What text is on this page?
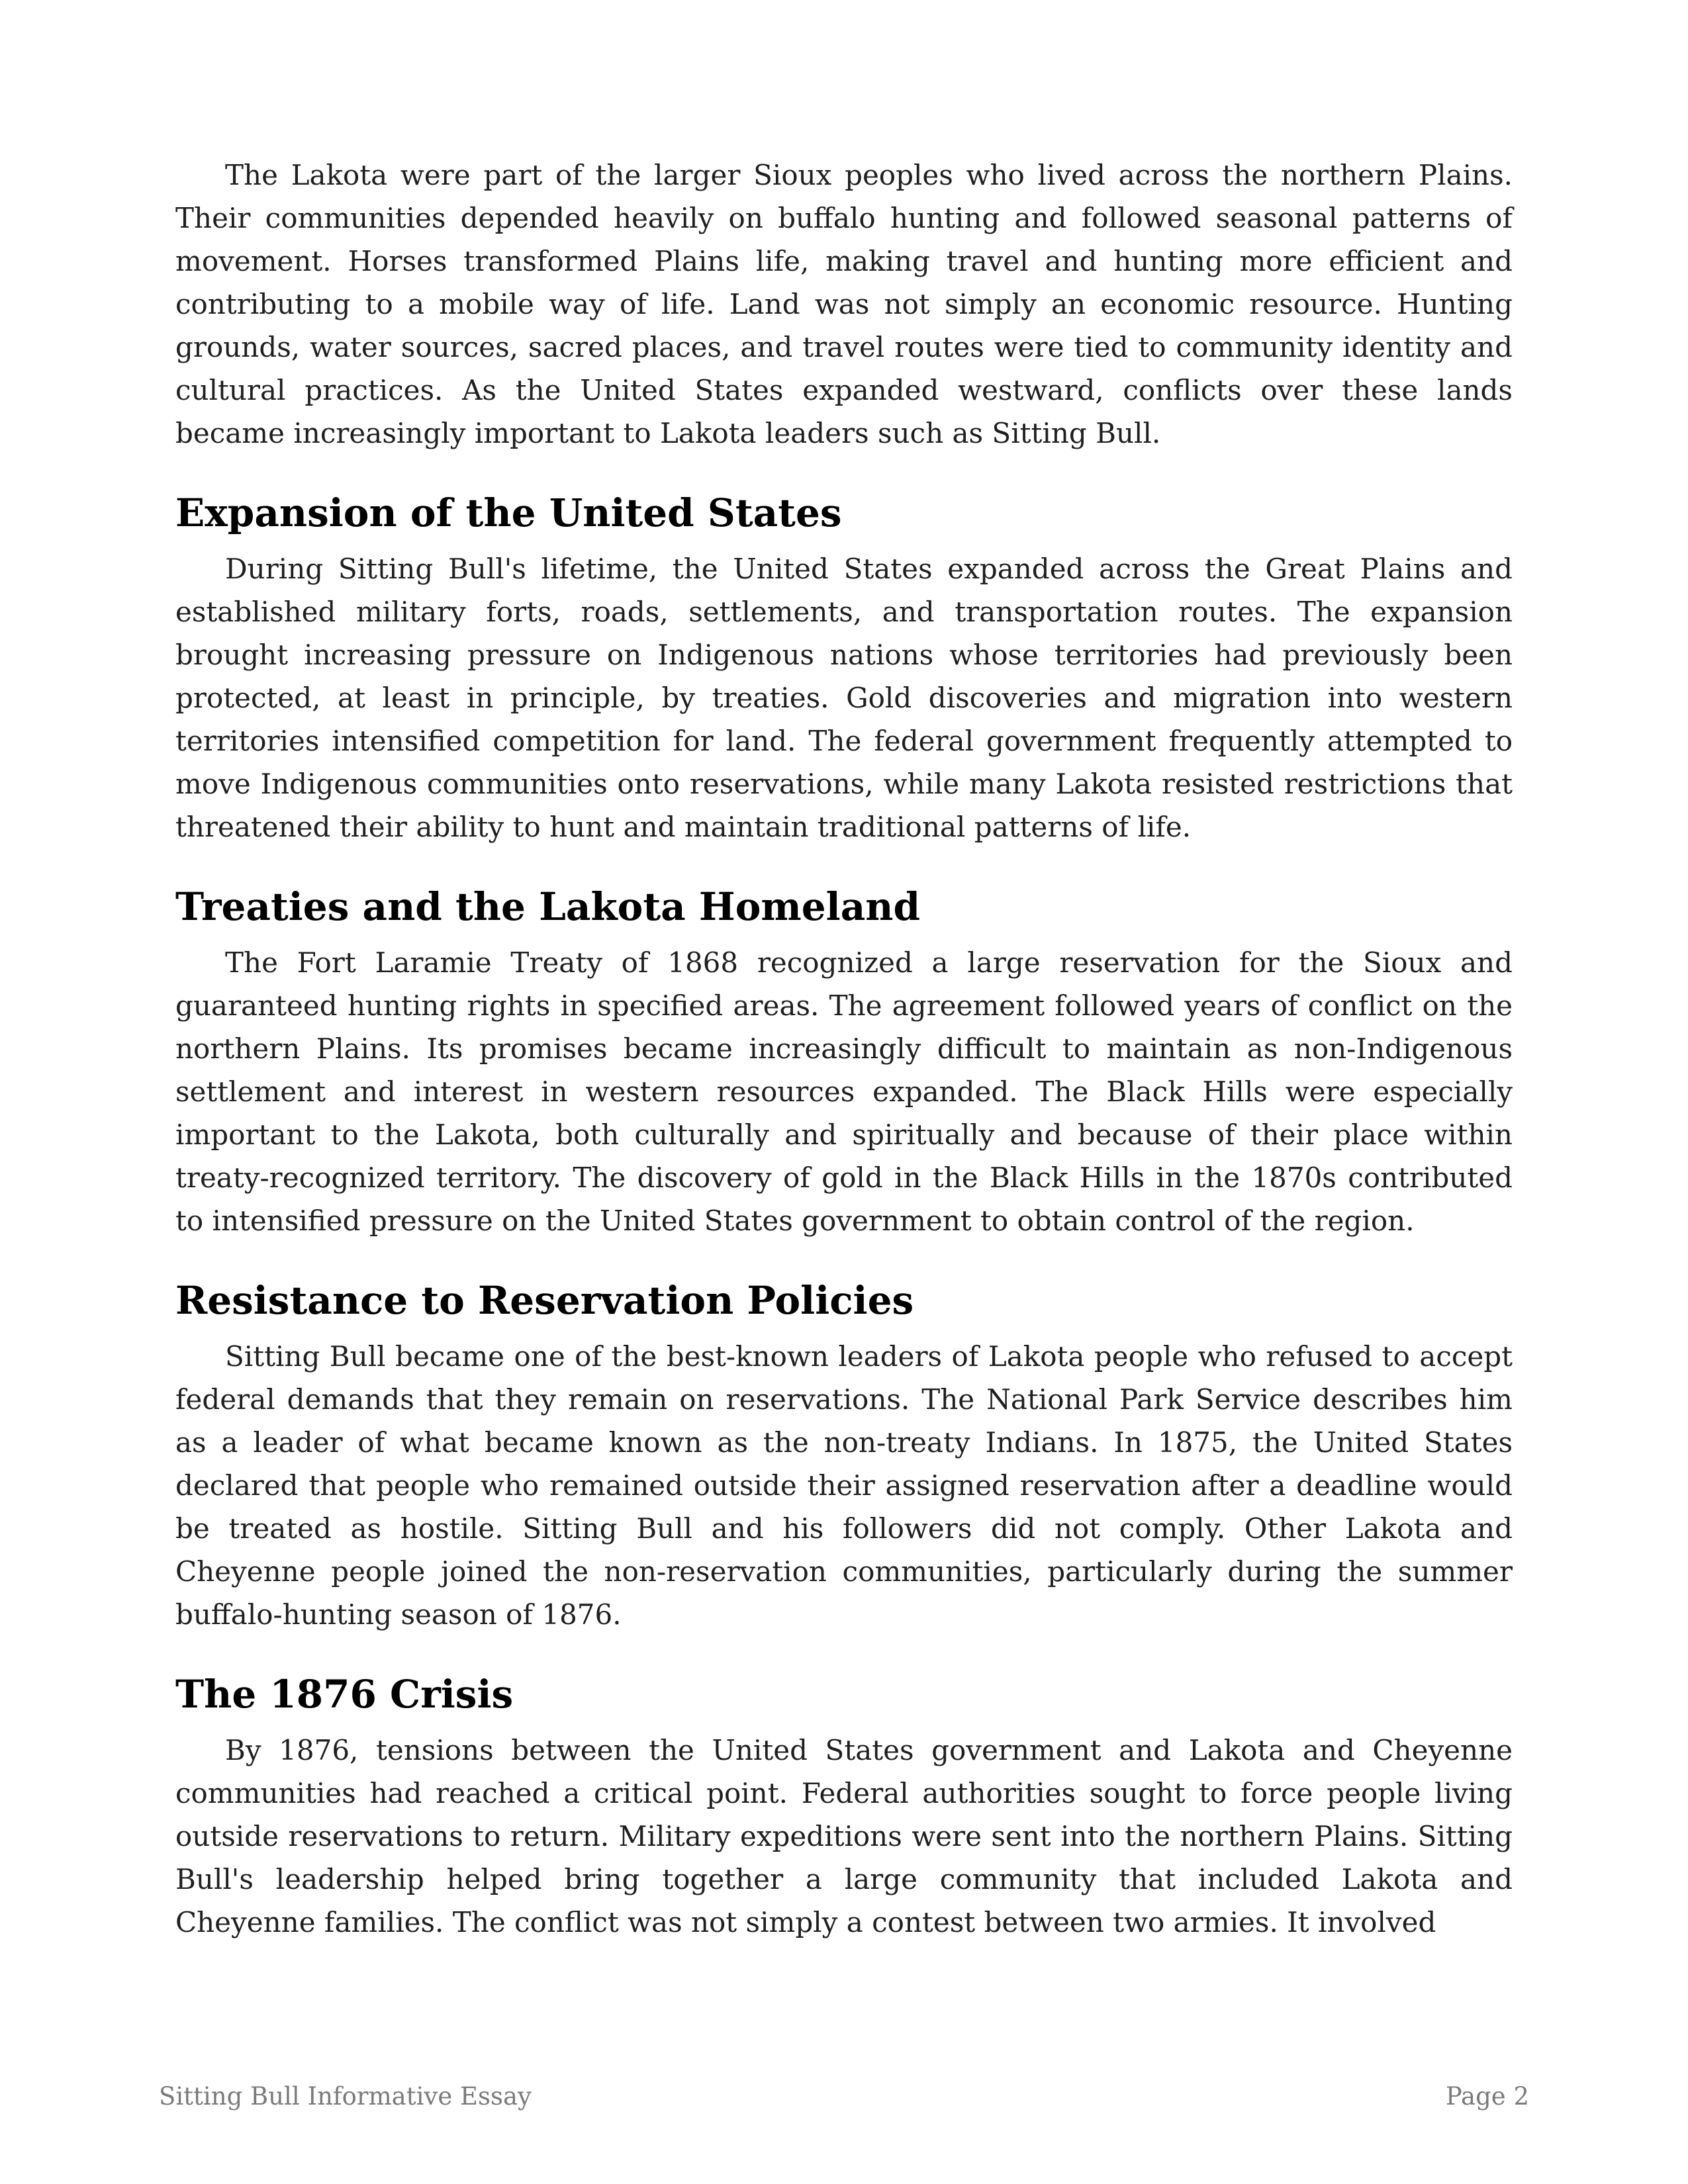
The Lakota were part of the larger Sioux peoples who lived across the northern Plains. Their communities depended heavily on buffalo hunting and followed seasonal patterns of movement. Horses transformed Plains life, making travel and hunting more efficient and contributing to a mobile way of life. Land was not simply an economic resource. Hunting grounds, water sources, sacred places, and travel routes were tied to community identity and cultural practices. As the United States expanded westward, conflicts over these lands became increasingly important to Lakota leaders such as Sitting Bull.

Expansion of the United States

During Sitting Bull's lifetime, the United States expanded across the Great Plains and established military forts, roads, settlements, and transportation routes. The expansion brought increasing pressure on Indigenous nations whose territories had previously been protected, at least in principle, by treaties. Gold discoveries and migration into western territories intensified competition for land. The federal government frequently attempted to move Indigenous communities onto reservations, while many Lakota resisted restrictions that threatened their ability to hunt and maintain traditional patterns of life.

Treaties and the Lakota Homeland

The Fort Laramie Treaty of 1868 recognized a large reservation for the Sioux and guaranteed hunting rights in specified areas. The agreement followed years of conflict on the northern Plains. Its promises became increasingly difficult to maintain as non-Indigenous settlement and interest in western resources expanded. The Black Hills were especially important to the Lakota, both culturally and spiritually and because of their place within treaty-recognized territory. The discovery of gold in the Black Hills in the 1870s contributed to intensified pressure on the United States government to obtain control of the region.

Resistance to Reservation Policies

Sitting Bull became one of the best-known leaders of Lakota people who refused to accept federal demands that they remain on reservations. The National Park Service describes him as a leader of what became known as the non-treaty Indians. In 1875, the United States declared that people who remained outside their assigned reservation after a deadline would be treated as hostile. Sitting Bull and his followers did not comply. Other Lakota and Cheyenne people joined the non-reservation communities, particularly during the summer buffalo-hunting season of 1876.

The 1876 Crisis

By 1876, tensions between the United States government and Lakota and Cheyenne communities had reached a critical point. Federal authorities sought to force people living outside reservations to return. Military expeditions were sent into the northern Plains. Sitting Bull's leadership helped bring together a large community that included Lakota and Cheyenne families. The conflict was not simply a contest between two armies. It involved

Sitting Bull Informative Essay	Page 2
